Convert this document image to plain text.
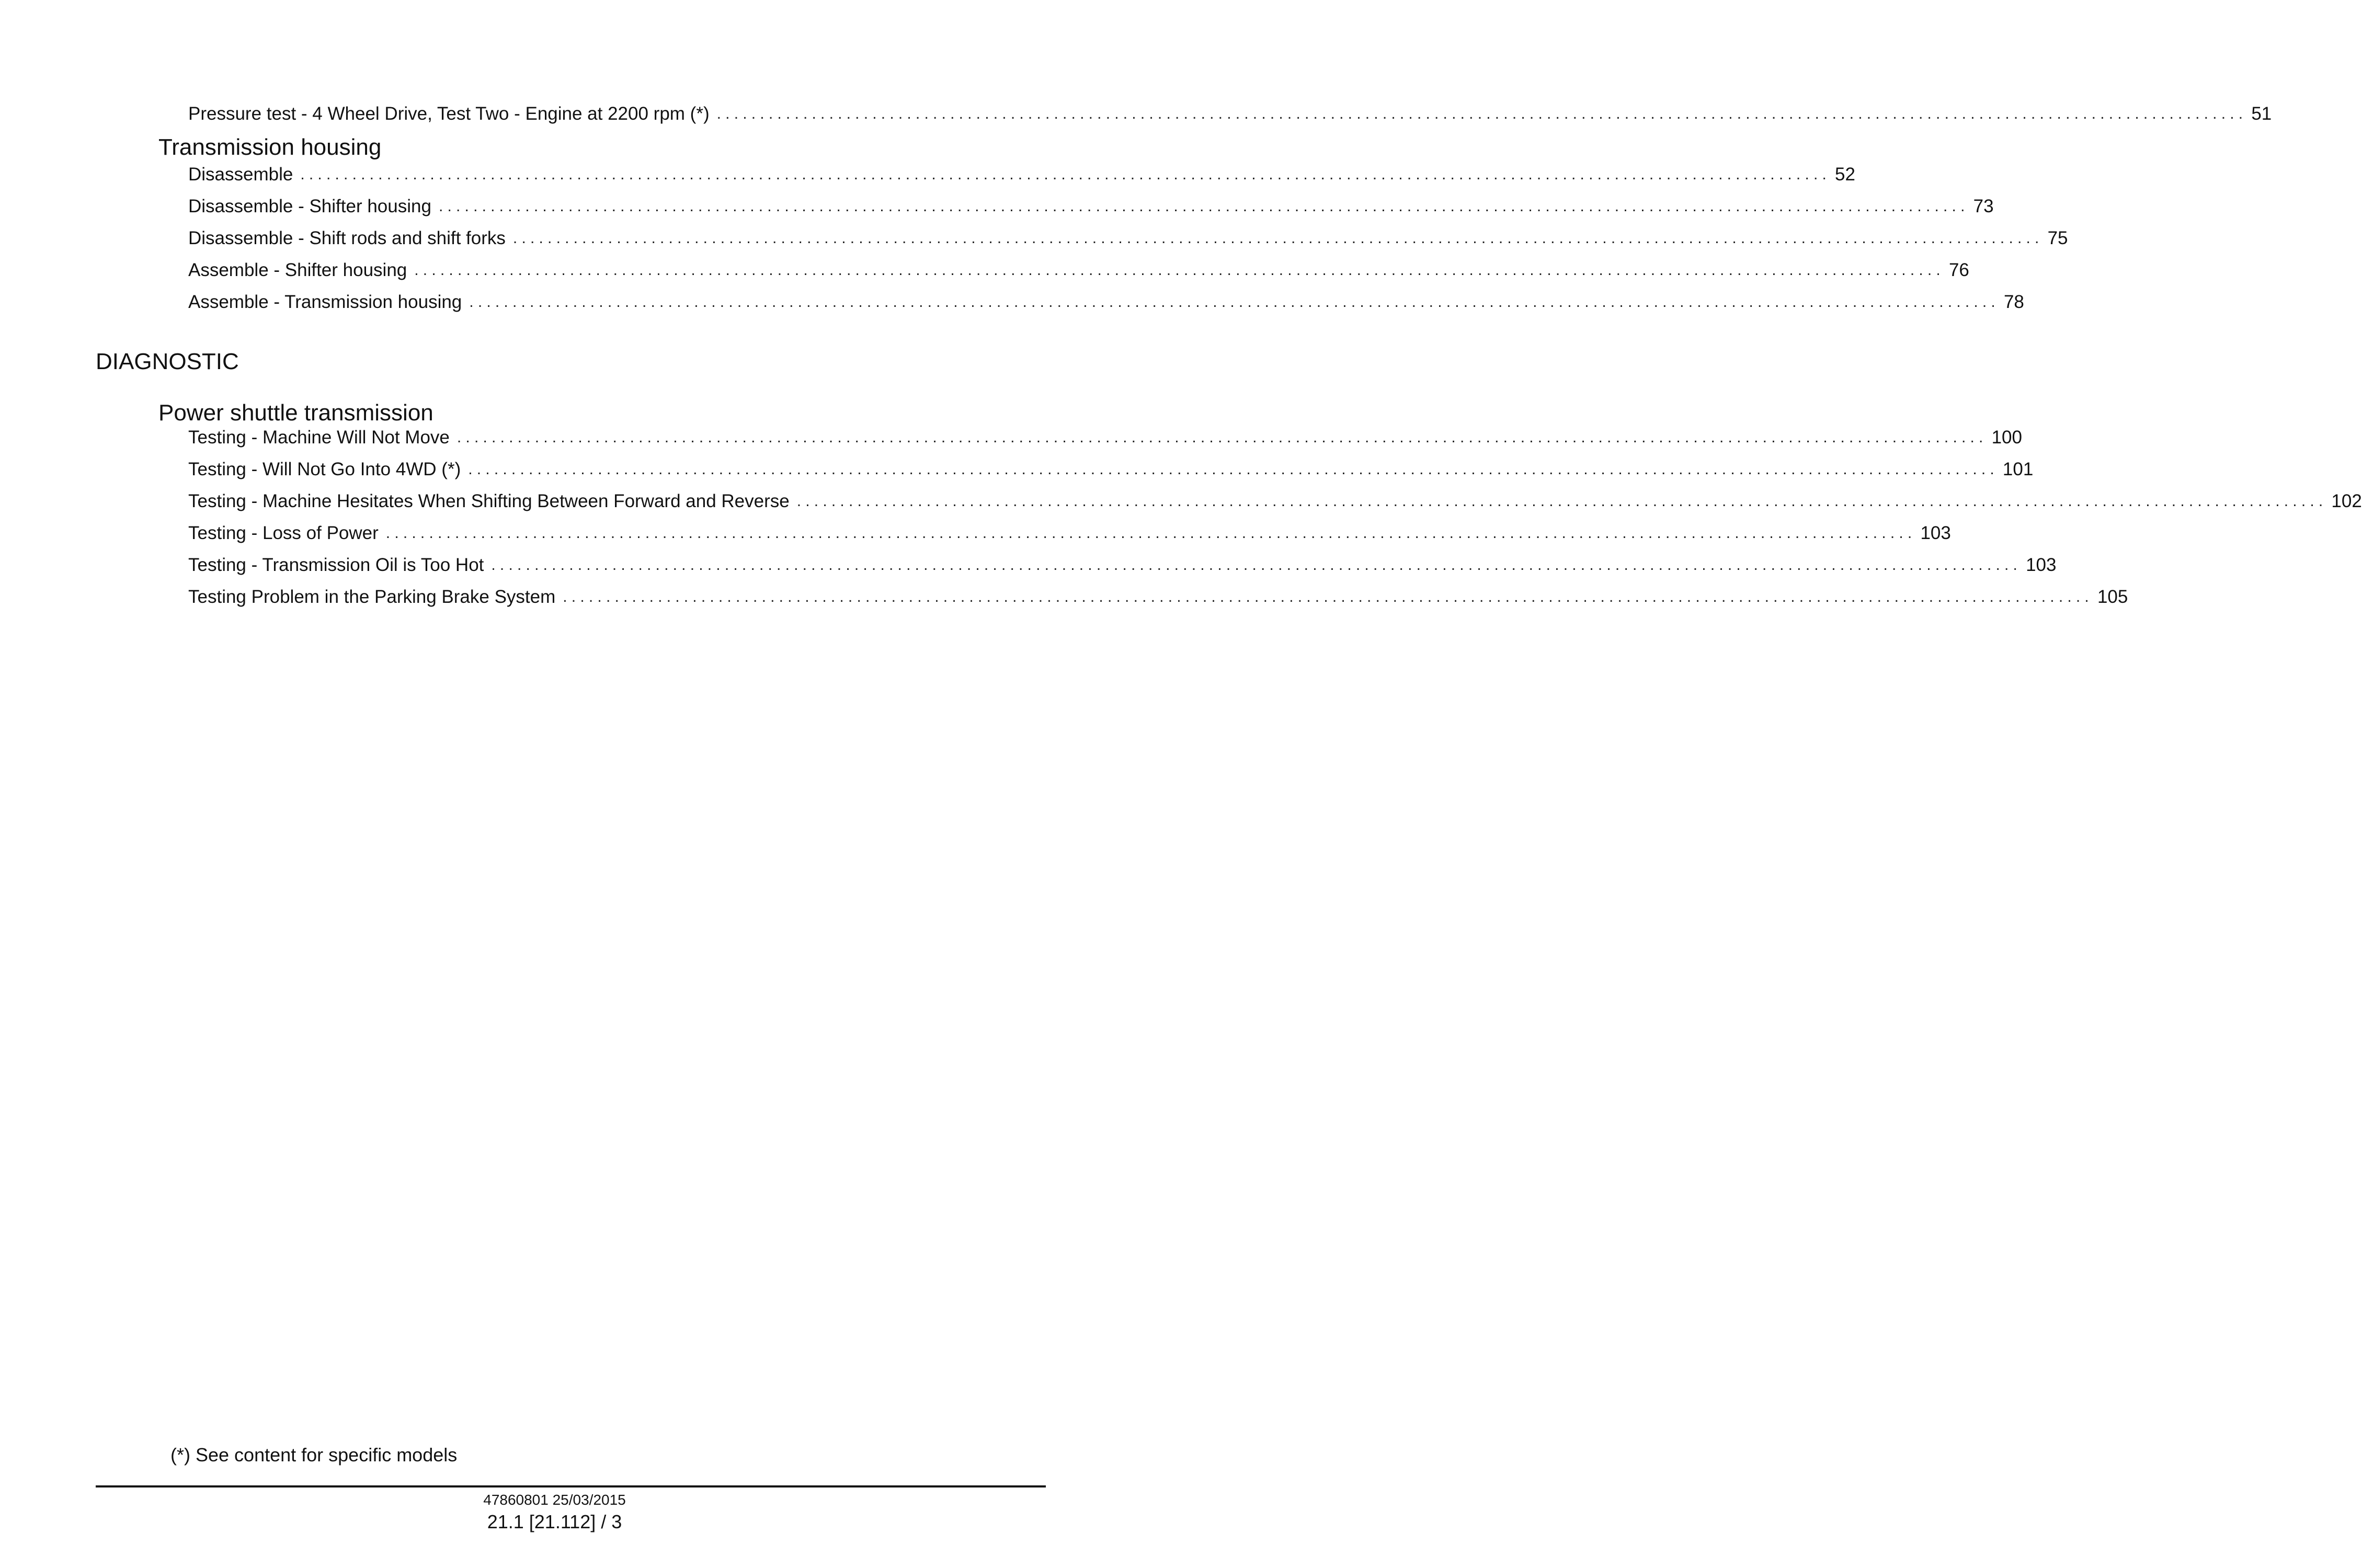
Pressure test - 4 Wheel Drive, Test Two - Engine at 2200 rpm (*) ................................................................................................................................................................................. 51
Transmission housing
Disassemble ................................................................................................................................................................................. 52
Disassemble - Shifter housing ................................................................................................................................................................................. 73
Disassemble - Shift rods and shift forks ................................................................................................................................................................................. 75
Assemble - Shifter housing ................................................................................................................................................................................. 76
Assemble - Transmission housing ................................................................................................................................................................................. 78
DIAGNOSTIC
Power shuttle transmission
Testing - Machine Will Not Move ................................................................................................................................................................................. 100
Testing - Will Not Go Into 4WD (*) ................................................................................................................................................................................. 101
Testing - Machine Hesitates When Shifting Between Forward and Reverse ................................................................................................................................................................................. 102
Testing - Loss of Power ................................................................................................................................................................................. 103
Testing - Transmission Oil is Too Hot ................................................................................................................................................................................. 103
Testing Problem in the Parking Brake System ................................................................................................................................................................................. 105
(*) See content for specific models
47860801 25/03/2015
21.1 [21.112] / 3
